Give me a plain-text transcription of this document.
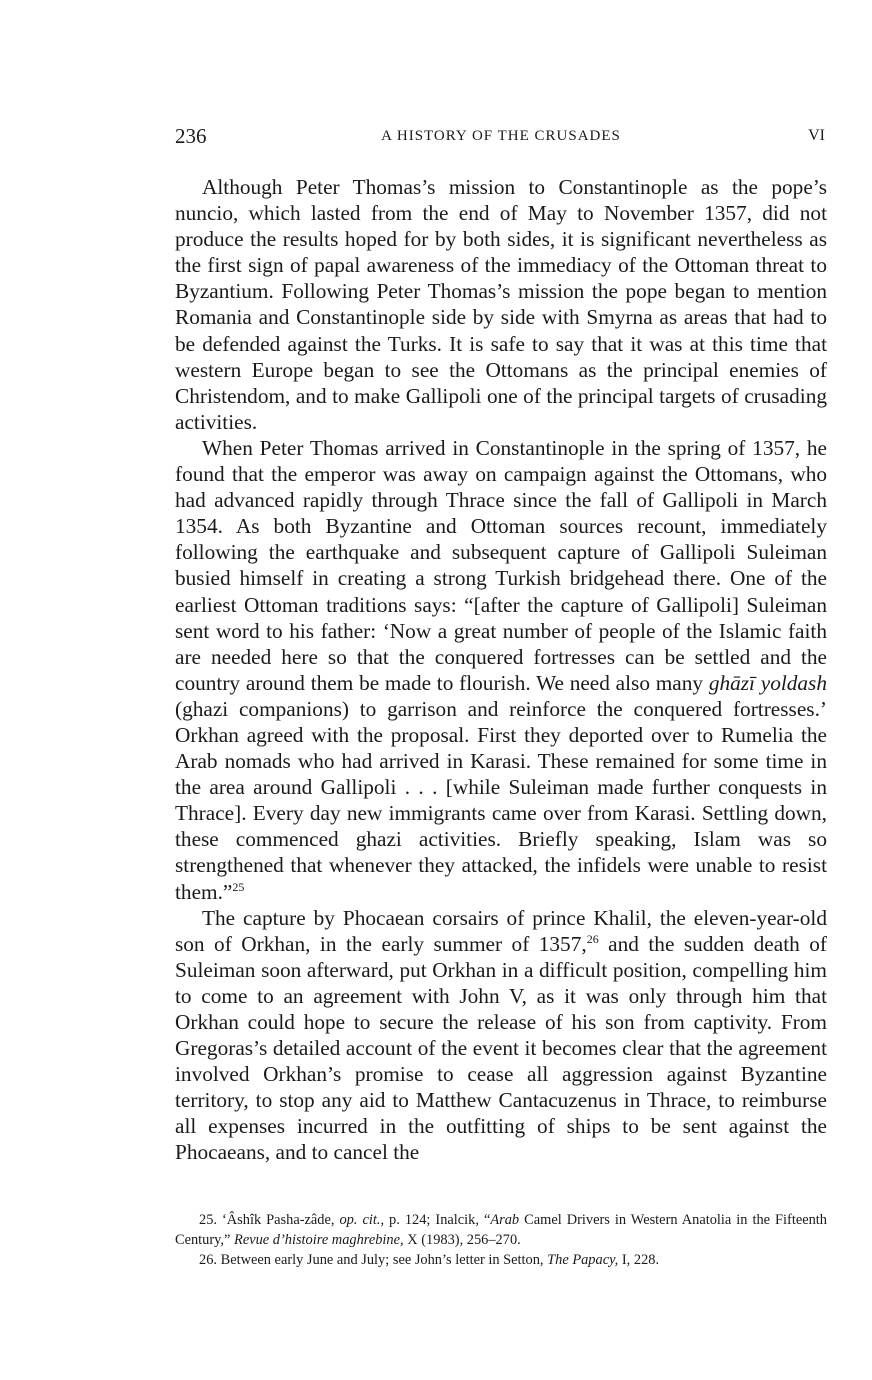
236	A HISTORY OF THE CRUSADES	VI

Although Peter Thomas’s mission to Constantinople as the pope’s nuncio, which lasted from the end of May to November 1357, did not produce the results hoped for by both sides, it is significant nevertheless as the first sign of papal awareness of the immediacy of the Ottoman threat to Byzantium. Following Peter Thomas’s mission the pope began to mention Romania and Constantinople side by side with Smyrna as areas that had to be defended against the Turks. It is safe to say that it was at this time that western Europe began to see the Ottomans as the principal enemies of Christendom, and to make Gallipoli one of the principal targets of crusading activities.

When Peter Thomas arrived in Constantinople in the spring of 1357, he found that the emperor was away on campaign against the Ottomans, who had advanced rapidly through Thrace since the fall of Gallipoli in March 1354. As both Byzantine and Ottoman sources recount, immediately following the earthquake and subsequent capture of Gallipoli Suleiman busied himself in creating a strong Turkish bridgehead there. One of the earliest Ottoman traditions says: “[after the capture of Gallipoli] Suleiman sent word to his father: ‘Now a great number of people of the Islamic faith are needed here so that the conquered fortresses can be settled and the country around them be made to flourish. We need also many ghāzī yoldash (ghazi companions) to garrison and reinforce the conquered fortresses.’ Orkhan agreed with the proposal. First they deported over to Rumelia the Arab nomads who had arrived in Karasi. These remained for some time in the area around Gallipoli . . . [while Suleiman made further conquests in Thrace]. Every day new immigrants came over from Karasi. Settling down, these commenced ghazi activities. Briefly speaking, Islam was so strengthened that whenever they attacked, the infidels were unable to resist them.”$^{25}$

The capture by Phocaean corsairs of prince Khalil, the eleven-year-old son of Orkhan, in the early summer of 1357,26 and the sudden death of Suleiman soon afterward, put Orkhan in a difficult position, compelling him to come to an agreement with John V, as it was only through him that Orkhan could hope to secure the release of his son from captivity. From Gregoras’s detailed account of the event it becomes clear that the agreement involved Orkhan’s promise to cease all aggression against Byzantine territory, to stop any aid to Matthew Cantacuzenus in Thrace, to reimburse all expenses incurred in the outfitting of ships to be sent against the Phocaeans, and to cancel the

25. ‘Âshîk Pasha-zâde, op. cit., p. 124; Inalcik, “Arab Camel Drivers in Western Anatolia in the Fifteenth Century,” Revue d’histoire maghrebine, X (1983), 256–270.

26. Between early June and July; see John’s letter in Setton, The Papacy, I, 228.
